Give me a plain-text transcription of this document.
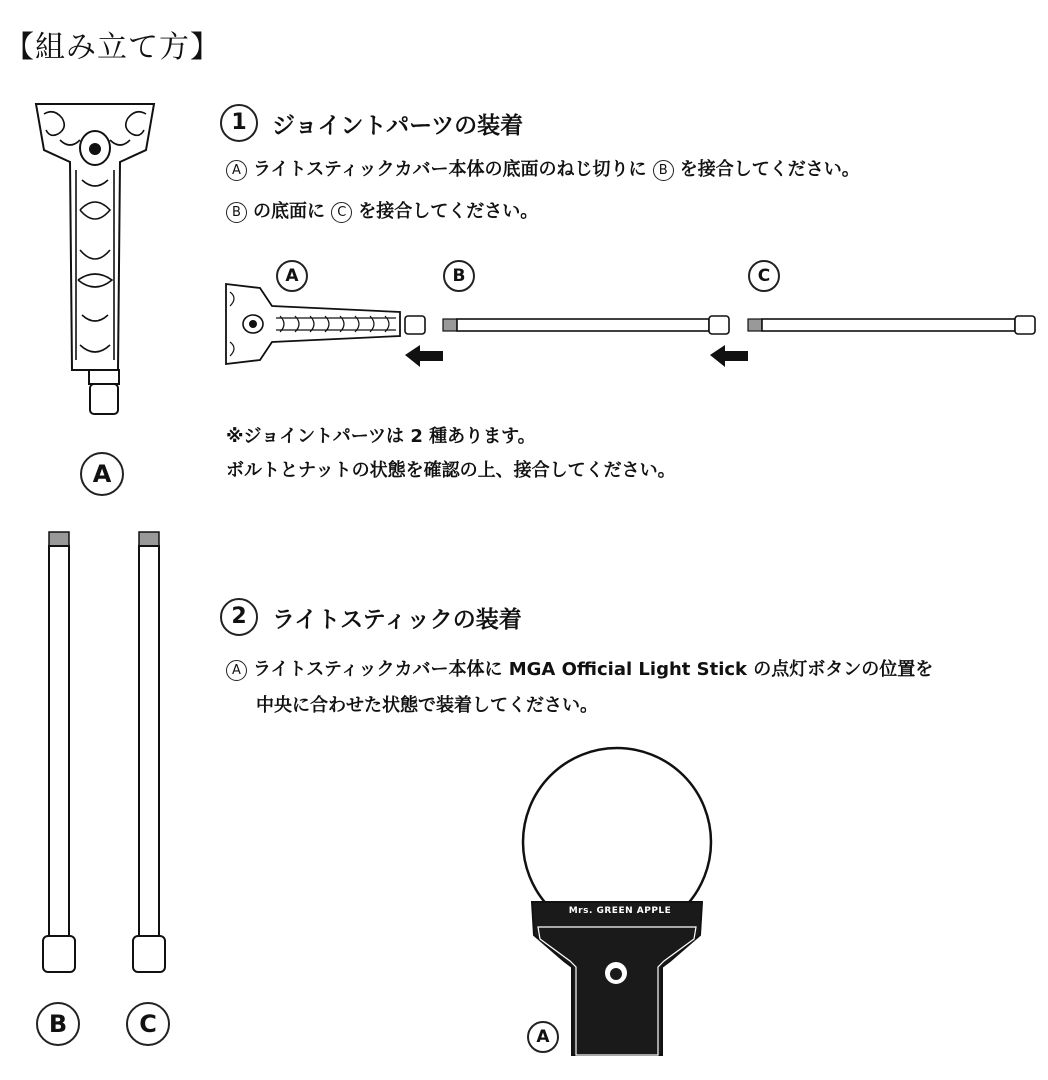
【組み立て方】
A
B	C
1	ジョイントパーツの装着
A ライトスティックカバー本体の底面のねじ切りに B を接合してください。
B の底面に C を接合してください。
A	B	C
※ジョイントパーツは 2 種あります。
ボルトとナットの状態を確認の上、接合してください。
2	ライトスティックの装着
A ライトスティックカバー本体に MGA Official Light Stick の点灯ボタンの位置を
中央に合わせた状態で装着してください。
Mrs. GREEN APPLE
A
